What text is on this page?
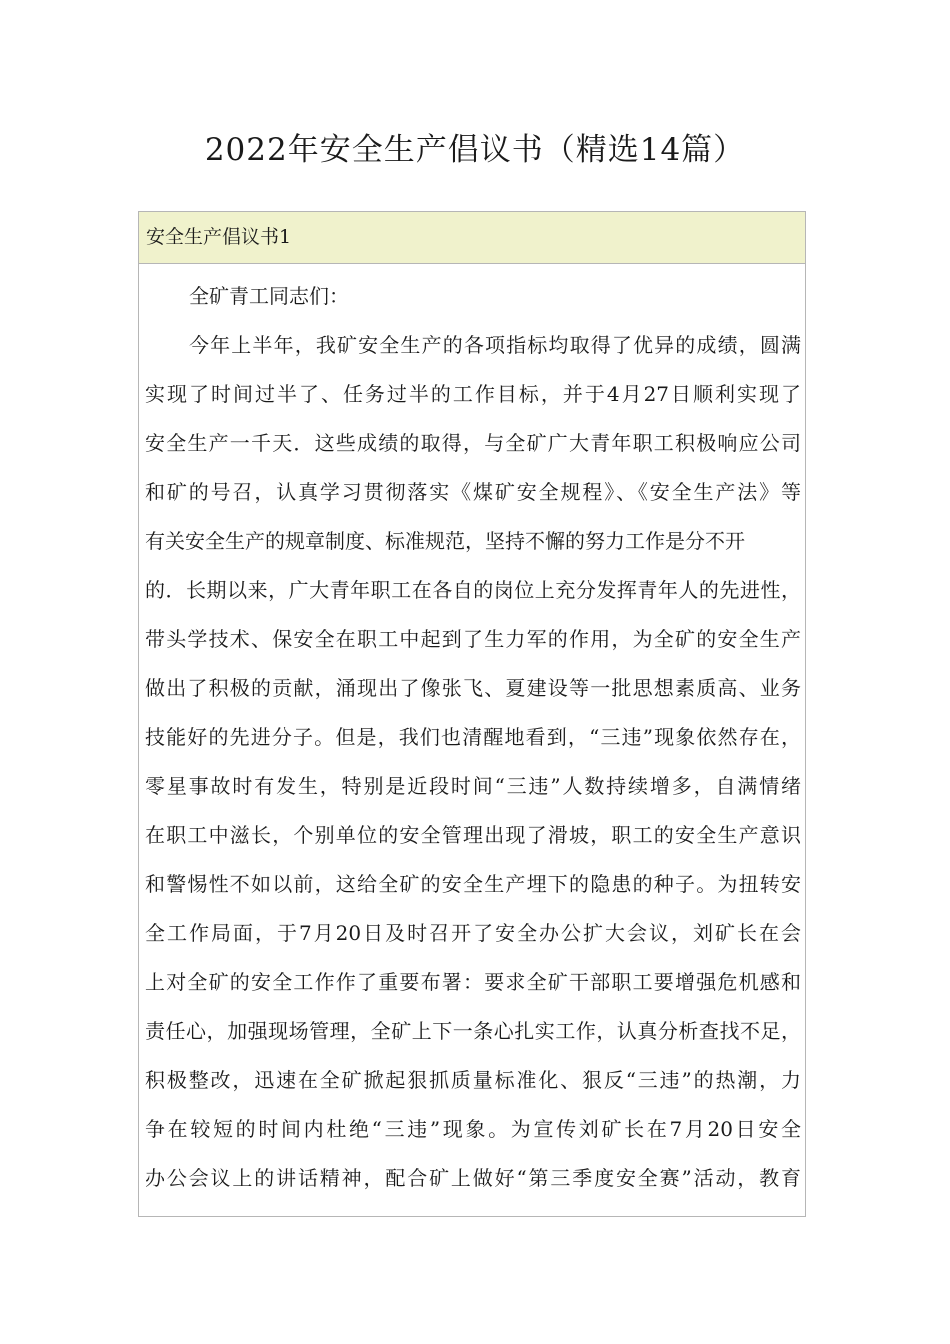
2022年安全生产倡议书（精选14篇）
安全生产倡议书1
全矿青工同志们：
今年上半年，我矿安全生产的各项指标均取得了优异的成绩，圆满
实现了时间过半了、任务过半的工作目标，并于4月27日顺利实现了
安全生产一千天．这些成绩的取得，与全矿广大青年职工积极响应公司
和矿的号召，认真学习贯彻落实《煤矿安全规程》、《安全生产法》等
有关安全生产的规章制度、标准规范，坚持不懈的努力工作是分不开
的．长期以来，广大青年职工在各自的岗位上充分发挥青年人的先进性，
带头学技术、保安全在职工中起到了生力军的作用，为全矿的安全生产
做出了积极的贡献，涌现出了像张飞、夏建设等一批思想素质高、业务
技能好的先进分子。但是，我们也清醒地看到，“三违”现象依然存在，
零星事故时有发生，特别是近段时间“三违”人数持续增多，自满情绪
在职工中滋长，个别单位的安全管理出现了滑坡，职工的安全生产意识
和警惕性不如以前，这给全矿的安全生产埋下的隐患的种子。为扭转安
全工作局面，于7月20日及时召开了安全办公扩大会议，刘矿长在会
上对全矿的安全工作作了重要布署：要求全矿干部职工要增强危机感和
责任心，加强现场管理，全矿上下一条心扎实工作，认真分析查找不足，
积极整改，迅速在全矿掀起狠抓质量标准化、狠反“三违”的热潮，力
争在较短的时间内杜绝“三违”现象。为宣传刘矿长在7月20日安全
办公会议上的讲话精神，配合矿上做好“第三季度安全赛”活动，教育
